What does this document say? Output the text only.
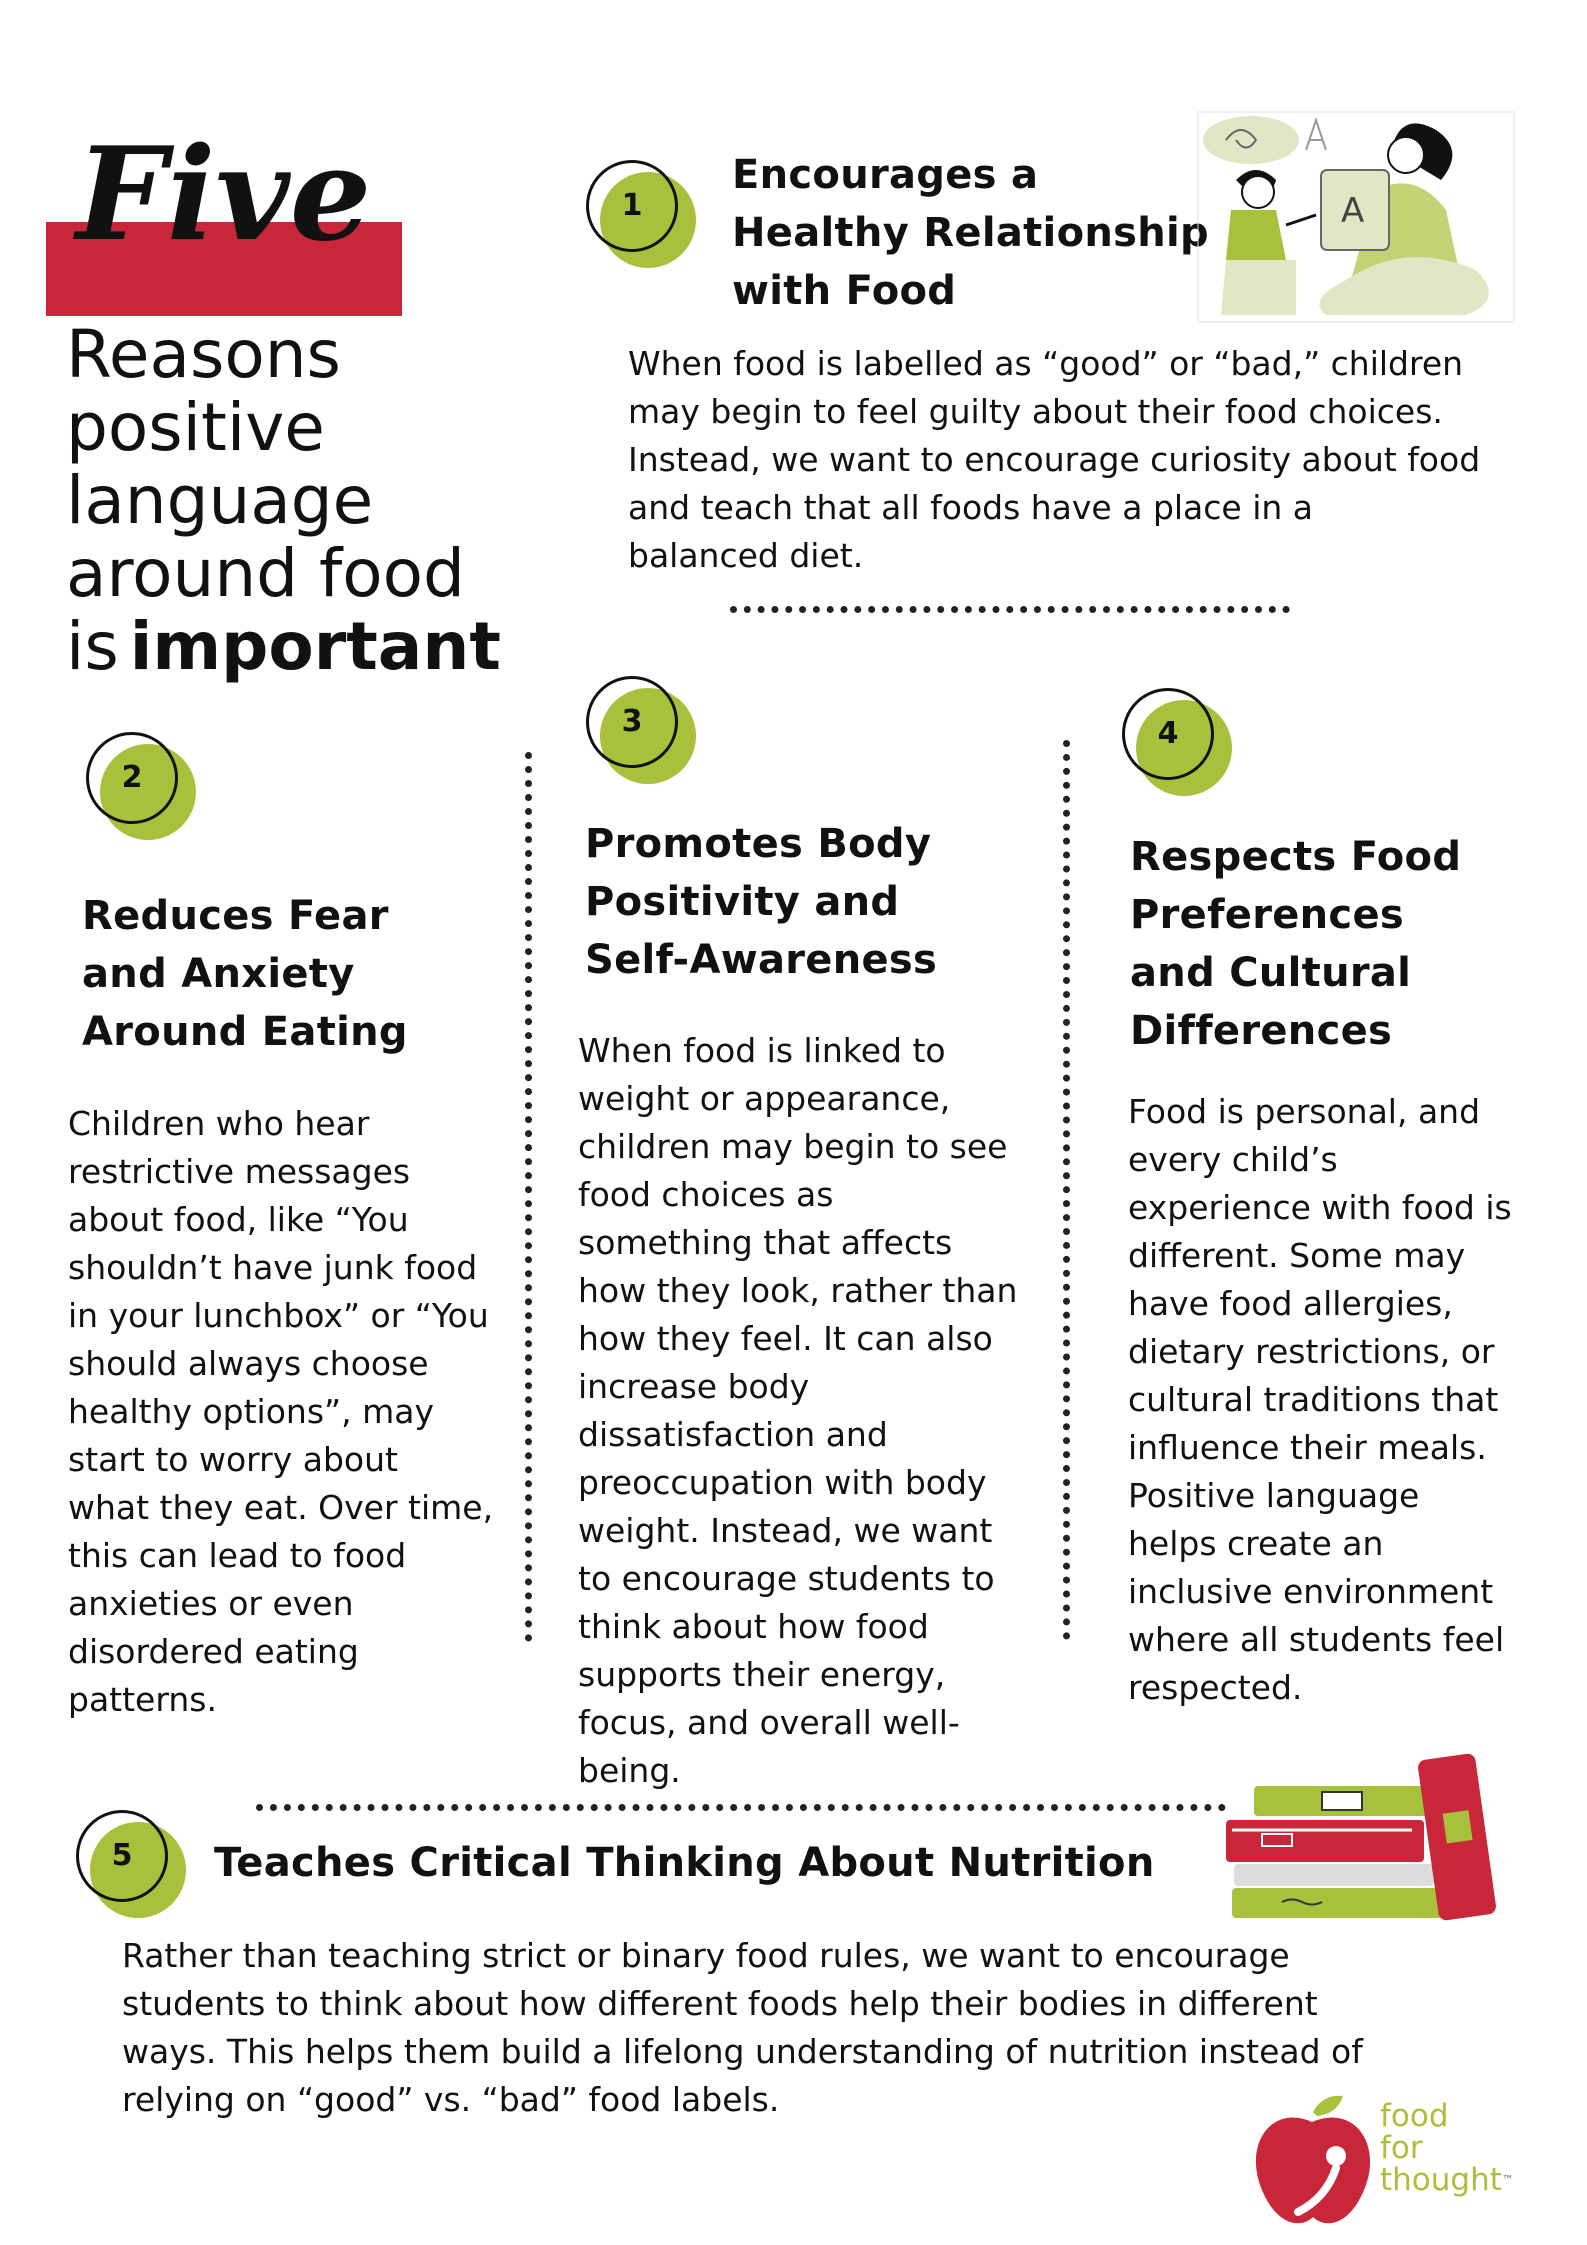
Five
Reasons
positive
language
around food
is important
1
Encourages a
Healthy Relationship
with Food
A
When food is labelled as “good” or “bad,” children
may begin to feel guilty about their food choices.
Instead, we want to encourage curiosity about food
and teach that all foods have a place in a
balanced diet.
2
Reduces Fear
and Anxiety
Around Eating
Children who hear
restrictive messages
about food, like “You
shouldn’t have junk food
in your lunchbox” or “You
should always choose
healthy options”, may
start to worry about
what they eat. Over time,
this can lead to food
anxieties or even
disordered eating
patterns.
3
Promotes Body
Positivity and
Self-Awareness
When food is linked to
weight or appearance,
children may begin to see
food choices as
something that affects
how they look, rather than
how they feel. It can also
increase body
dissatisfaction and
preoccupation with body
weight. Instead, we want
to encourage students to
think about how food
supports their energy,
focus, and overall well-
being.
4
Respects Food
Preferences
and Cultural
Differences
Food is personal, and
every child’s
experience with food is
different. Some may
have food allergies,
dietary restrictions, or
cultural traditions that
influence their meals.
Positive language
helps create an
inclusive environment
where all students feel
respected.
5	Teaches Critical Thinking About Nutrition
Rather than teaching strict or binary food rules, we want to encourage
students to think about how different foods help their bodies in different
ways. This helps them build a lifelong understanding of nutrition instead of
relying on “good” vs. “bad” food labels.	food
for
thought™
